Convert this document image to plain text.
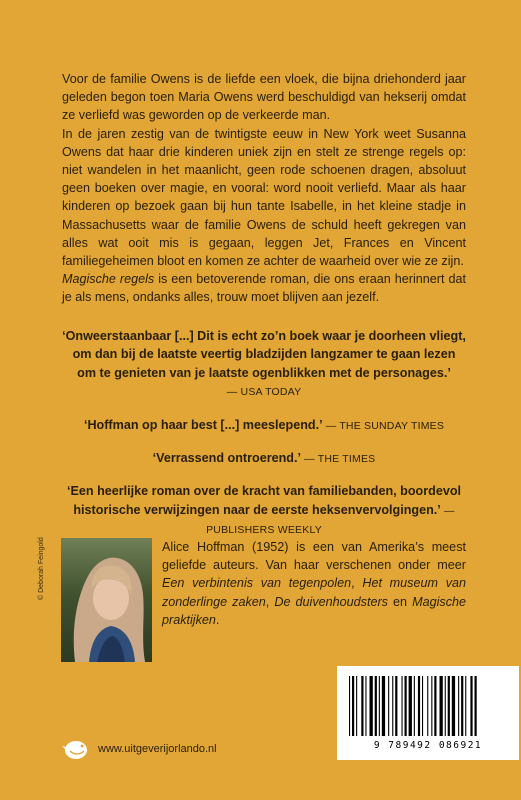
Voor de familie Owens is de liefde een vloek, die bijna driehonderd jaar geleden begon toen Maria Owens werd beschuldigd van hekserij omdat ze verliefd was geworden op de verkeerde man.

In de jaren zestig van de twintigste eeuw in New York weet Susanna Owens dat haar drie kinderen uniek zijn en stelt ze strenge regels op: niet wandelen in het maanlicht, geen rode schoenen dragen, absoluut geen boeken over magie, en vooral: word nooit verliefd. Maar als haar kinderen op bezoek gaan bij hun tante Isabelle, in het kleine stadje in Massachusetts waar de familie Owens de schuld heeft gekregen van alles wat ooit mis is gegaan, leggen Jet, Frances en Vincent familiegeheimen bloot en komen ze achter de waarheid over wie ze zijn.

Magische regels is een betoverende roman, die ons eraan herinnert dat je als mens, ondanks alles, trouw moet blijven aan jezelf.

‘Onweerstaanbaar [...] Dit is echt zo’n boek waar je doorheen vliegt, om dan bij de laatste veertig bladzijden langzamer te gaan lezen om te genieten van je laatste ogenblikken met de personages.’
— USA TODAY
‘Hoffman op haar best [...] meeslepend.’ — THE SUNDAY TIMES
‘Verrassend ontroerend.’ — THE TIMES
‘Een heerlijke roman over de kracht van familiebanden, boordevol historische verwijzingen naar de eerste heksenvervolgingen.’ — PUBLISHERS WEEKLY
© Deborah Feingold	Alice Hoffman (1952) is een van Amerika’s meest geliefde auteurs. Van haar verschenen onder meer Een verbintenis van tegenpolen, Het museum van zonderlinge zaken, De duivenhoudsters en Magische praktijken.
9 789492 086921
www.uitgeverijorlando.nl
